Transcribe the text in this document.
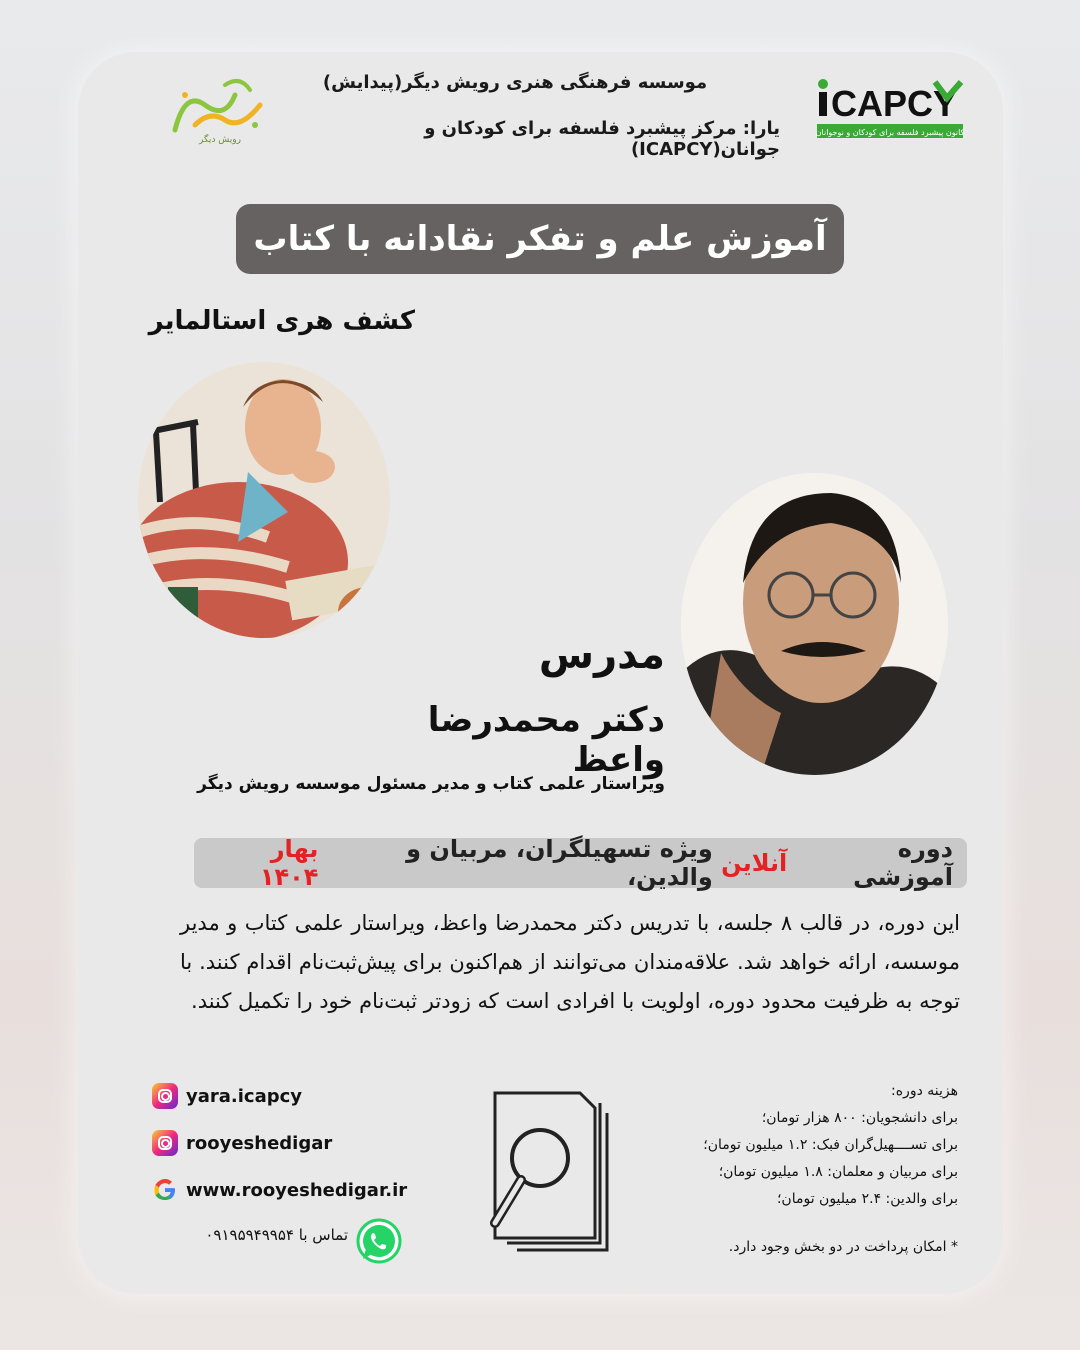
موسسه فرهنگی هنری رویش دیگر(پیدایش)
یارا: مرکز پیشبرد فلسفه برای کودکان و جوانان(ICAPCY)
CAPCY
کانون پیشبرد فلسفه برای کودکان و نوجوانان
رویش دیگر
آموزش علم و تفکر نقادانه با کتاب
کشف هری استالمایر
مدرس
دکتر محمدرضا واعظ
ویراستار علمی کتاب و مدیر مسئول موسسه رویش دیگر
دوره آموزشی

آنلاین

ویژه تسهیلگران، مربیان و والدین،

بهار ۱۴۰۴
این دوره، در قالب ۸ جلسه، با تدریس دکتر محمدرضا واعظ، ویراستار علمی کتاب و مدیر موسسه، ارائه خواهد شد. علاقه‌مندان می‌توانند از هم‌اکنون برای پیش‌ثبت‌نام اقدام کنند. با توجه به ظرفیت محدود دوره، اولویت با افرادی است که زودتر ثبت‌نام خود را تکمیل کنند.
هزینه دوره:
برای دانشجویان: ۸۰۰ هزار تومان؛
برای تســــهیل‌گران فبک: ۱.۲ میلیون تومان؛
برای مربیان و معلمان: ۱.۸ میلیون تومان؛
برای والدین: ۲.۴ میلیون تومان؛
* امکان پرداخت در دو بخش وجود دارد.
yara.icapcy
rooyeshedigar
www.rooyeshedigar.ir
تماس با ۰۹۱۹۵۹۴۹۹۵۴
